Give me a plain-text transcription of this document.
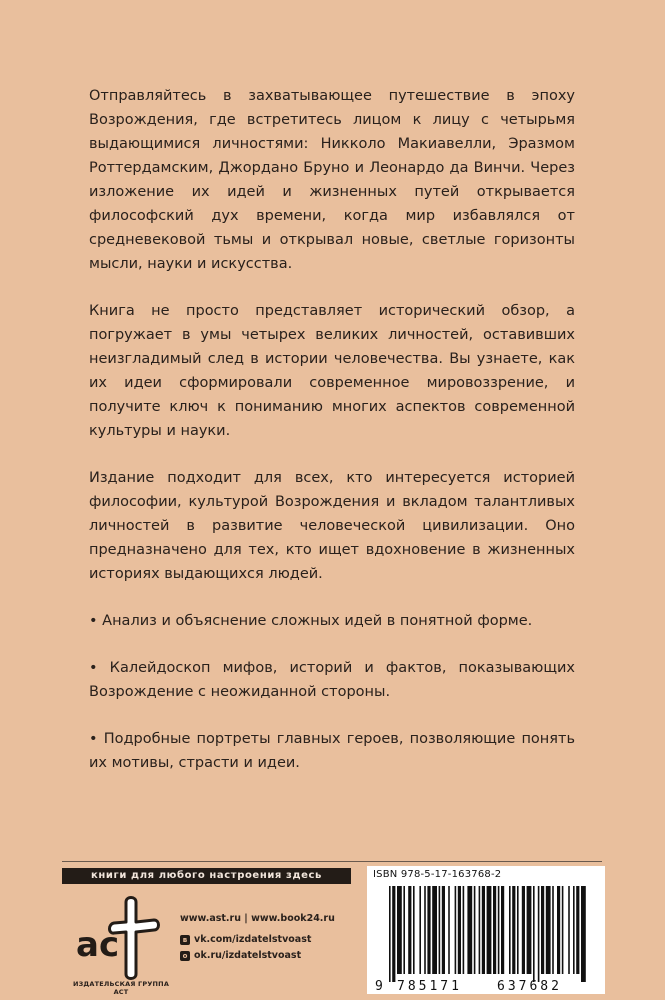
Отправляйтесь в захватывающее путешествие в эпоху Возрождения, где встретитесь лицом к лицу с четырьмя выдающимися личностями: Никколо Макиавелли, Эразмом Роттердамским, Джордано Бруно и Леонардо да Винчи. Через изложение их идей и жизненных путей открывается философский дух времени, когда мир избавлялся от средневековой тьмы и открывал новые, светлые горизонты мысли, науки и искусства.

Книга не просто представляет исторический обзор, а погружает в умы четырех великих личностей, оставивших неизгладимый след в истории человечества. Вы узнаете, как их идеи сформировали современное мировоззрение, и получите ключ к пониманию многих аспектов современной культуры и науки.

Издание подходит для всех, кто интересуется историей философии, культурой Возрождения и вкладом талантливых личностей в развитие человеческой цивилизации. Оно предназначено для тех, кто ищет вдохновение в жизненных историях выдающихся людей.

• Анализ и объяснение сложных идей в понятной форме.

• Калейдоскоп мифов, историй и фактов, показывающих Возрождение с неожиданной стороны.

• Подробные портреты главных героев, позволяющие понять их мотивы, страсти и идеи.

книги для любого настроения здесь
ac
ИЗДАТЕЛЬСКАЯ ГРУППА АСТ
www.ast.ru | www.book24.ru
в vk.com/izdatelstvoast
о ok.ru/izdatelstvoast
ISBN 978-5-17-163768-2
9 785171	637682
